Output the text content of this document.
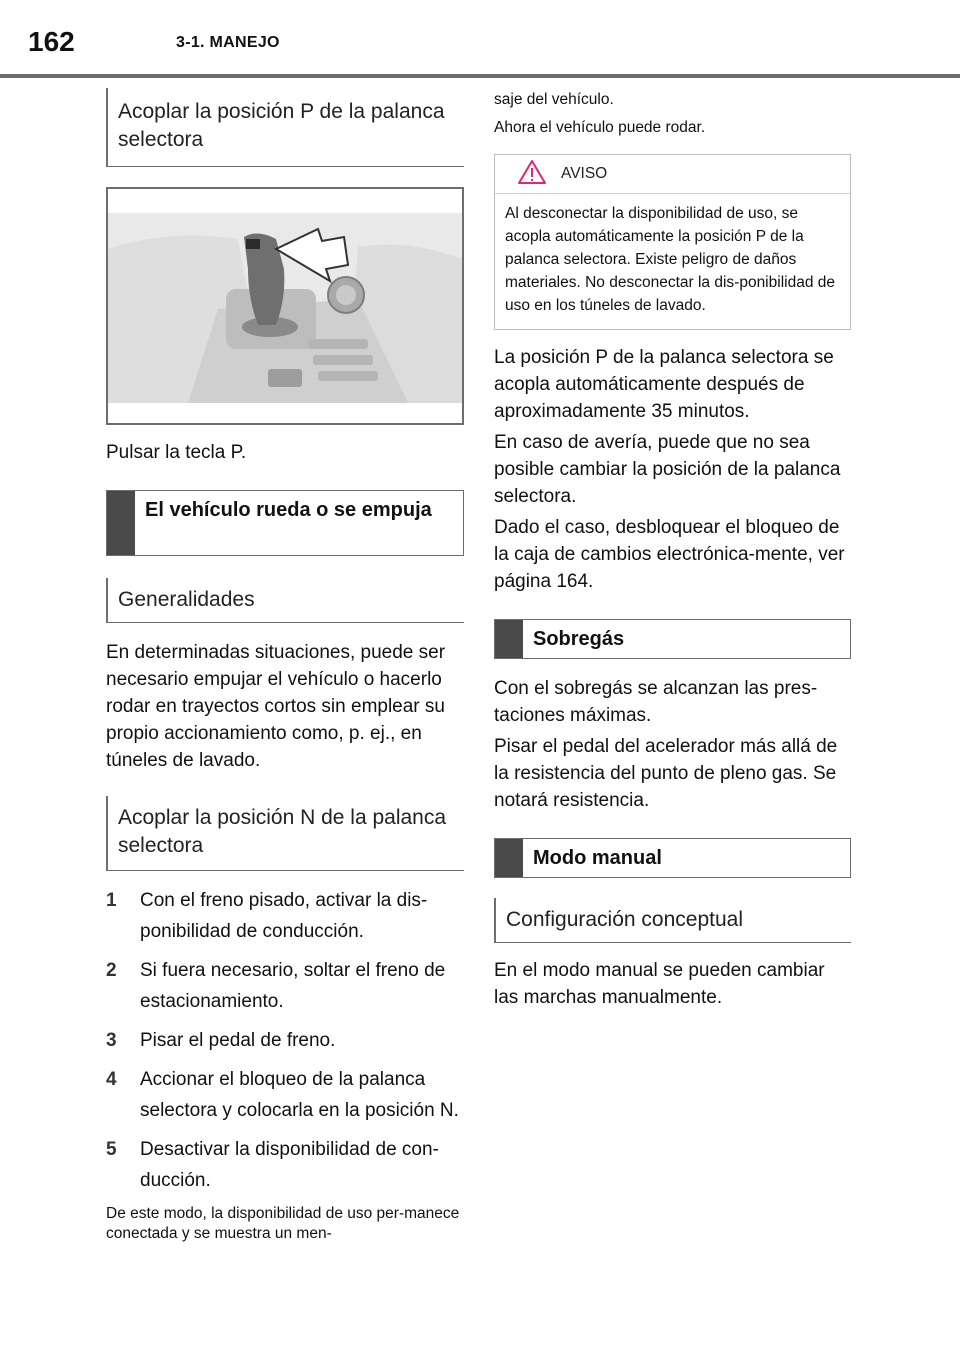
162	3-1. MANEJO
Acoplar la posición P de la palanca selectora

Pulsar la tecla P.

El vehículo rueda o se empuja
Generalidades

En determinadas situaciones, puede ser necesario empujar el vehículo o hacerlo rodar en trayectos cortos sin emplear su propio accionamiento como, p. ej., en túneles de lavado.

Acoplar la posición N de la palanca selectora
1	Con el freno pisado, activar la dis-ponibilidad de conducción.
2	Si fuera necesario, soltar el freno de estacionamiento.
3	Pisar el pedal de freno.
4	Accionar el bloqueo de la palanca selectora y colocarla en la posición N.
5	Desactivar la disponibilidad de con-ducción.

De este modo, la disponibilidad de uso per-manece conectada y se muestra un men-

saje del vehículo.

Ahora el vehículo puede rodar.

AVISO

Al desconectar la disponibilidad de uso, se acopla automáticamente la posición P de la palanca selectora. Existe peligro de daños materiales. No desconectar la dis-ponibilidad de uso en los túneles de lavado.

La posición P de la palanca selectora se acopla automáticamente después de aproximadamente 35 minutos.

En caso de avería, puede que no sea posible cambiar la posición de la palanca selectora.

Dado el caso, desbloquear el bloqueo de la caja de cambios electrónica-mente, ver página 164.

Sobregás

Con el sobregás se alcanzan las pres-taciones máximas.

Pisar el pedal del acelerador más allá de la resistencia del punto de pleno gas. Se notará resistencia.

Modo manual
Configuración conceptual

En el modo manual se pueden cambiar las marchas manualmente.
